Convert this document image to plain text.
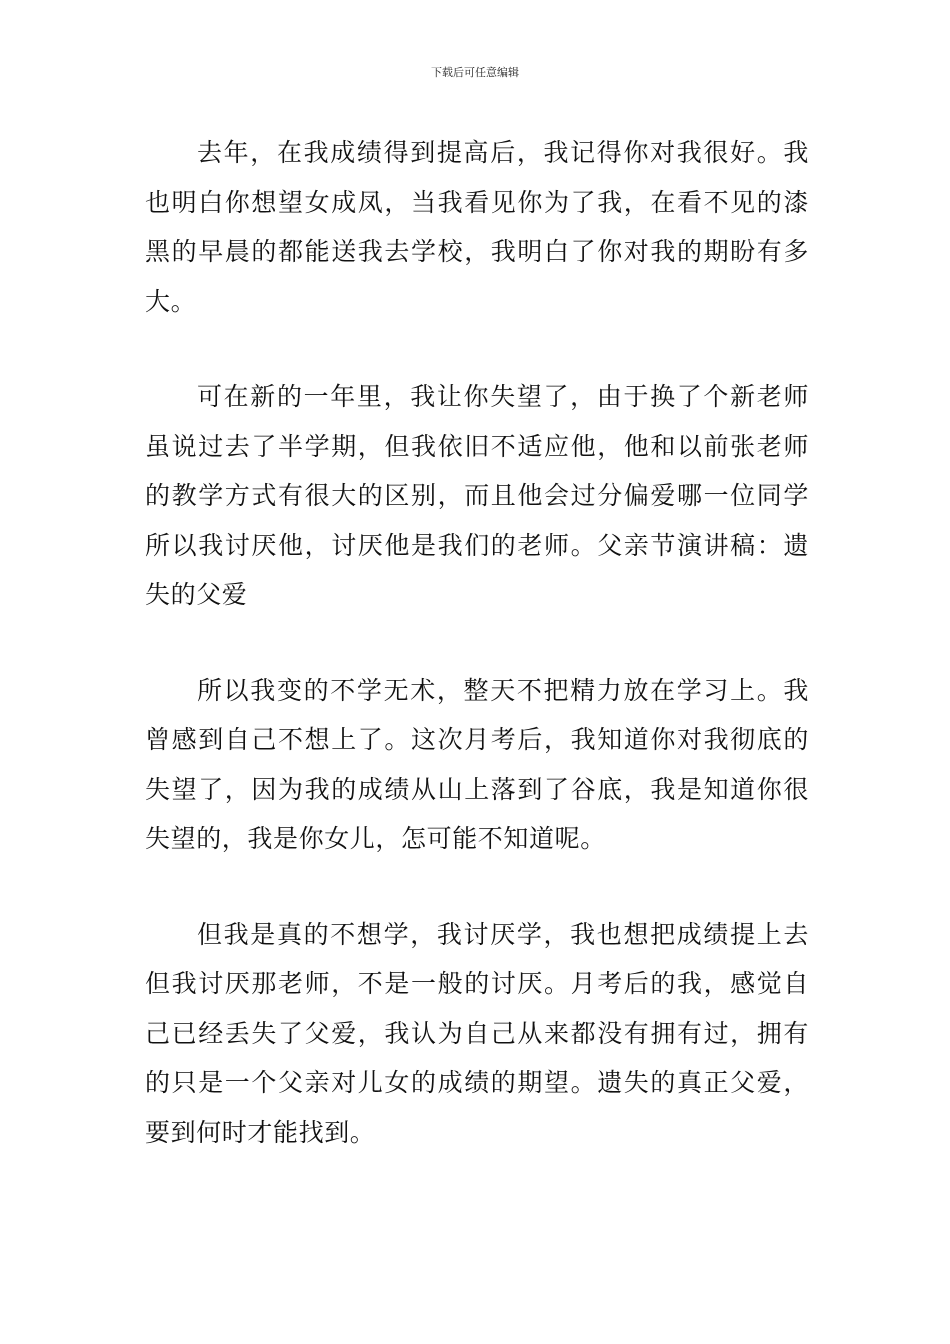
下载后可任意编辑

去年，在我成绩得到提高后，我记得你对我很好。我也明白你想望女成凤，当我看见你为了我，在看不见的漆黑的早晨的都能送我去学校，我明白了你对我的期盼有多大。

可在新的一年里，我让你失望了，由于换了个新老师虽说过去了半学期，但我依旧不适应他，他和以前张老师的教学方式有很大的区别，而且他会过分偏爱哪一位同学所以我讨厌他，讨厌他是我们的老师。父亲节演讲稿：遗失的父爱

所以我变的不学无术，整天不把精力放在学习上。我曾感到自己不想上了。这次月考后，我知道你对我彻底的失望了，因为我的成绩从山上落到了谷底，我是知道你很失望的，我是你女儿，怎可能不知道呢。

但我是真的不想学，我讨厌学，我也想把成绩提上去但我讨厌那老师，不是一般的讨厌。月考后的我，感觉自己已经丢失了父爱，我认为自己从来都没有拥有过，拥有的只是一个父亲对儿女的成绩的期望。遗失的真正父爱，要到何时才能找到。
